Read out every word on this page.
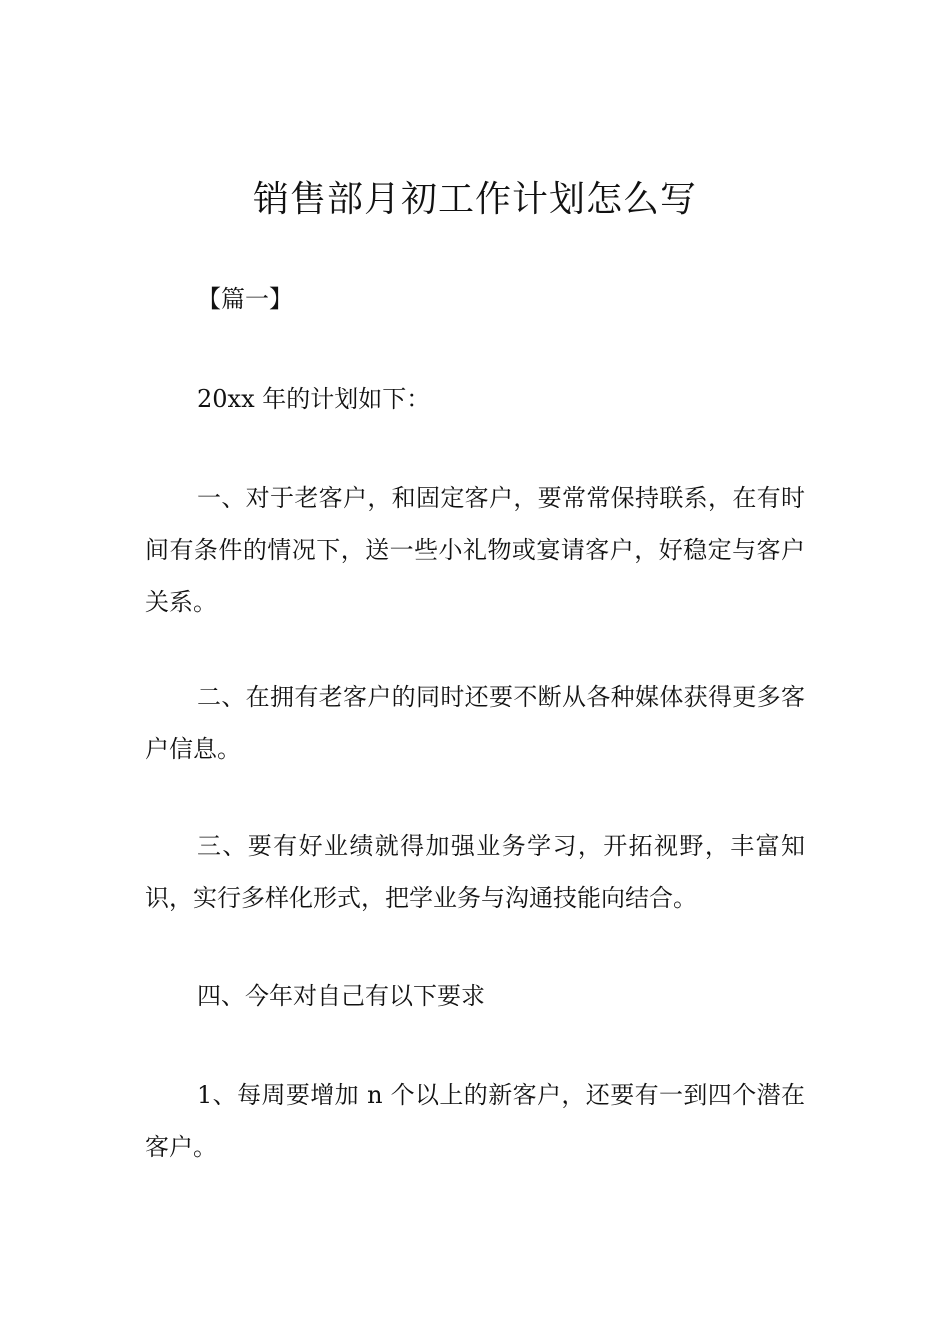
销售部月初工作计划怎么写

【篇一】

20xx 年的计划如下：

一、对于老客户，和固定客户，要常常保持联系，在有时间有条件的情况下，送一些小礼物或宴请客户，好稳定与客户关系。

二、在拥有老客户的同时还要不断从各种媒体获得更多客户信息。

三、要有好业绩就得加强业务学习，开拓视野，丰富知识，实行多样化形式，把学业务与沟通技能向结合。

四、今年对自己有以下要求

1、每周要增加 n 个以上的新客户，还要有一到四个潜在客户。
